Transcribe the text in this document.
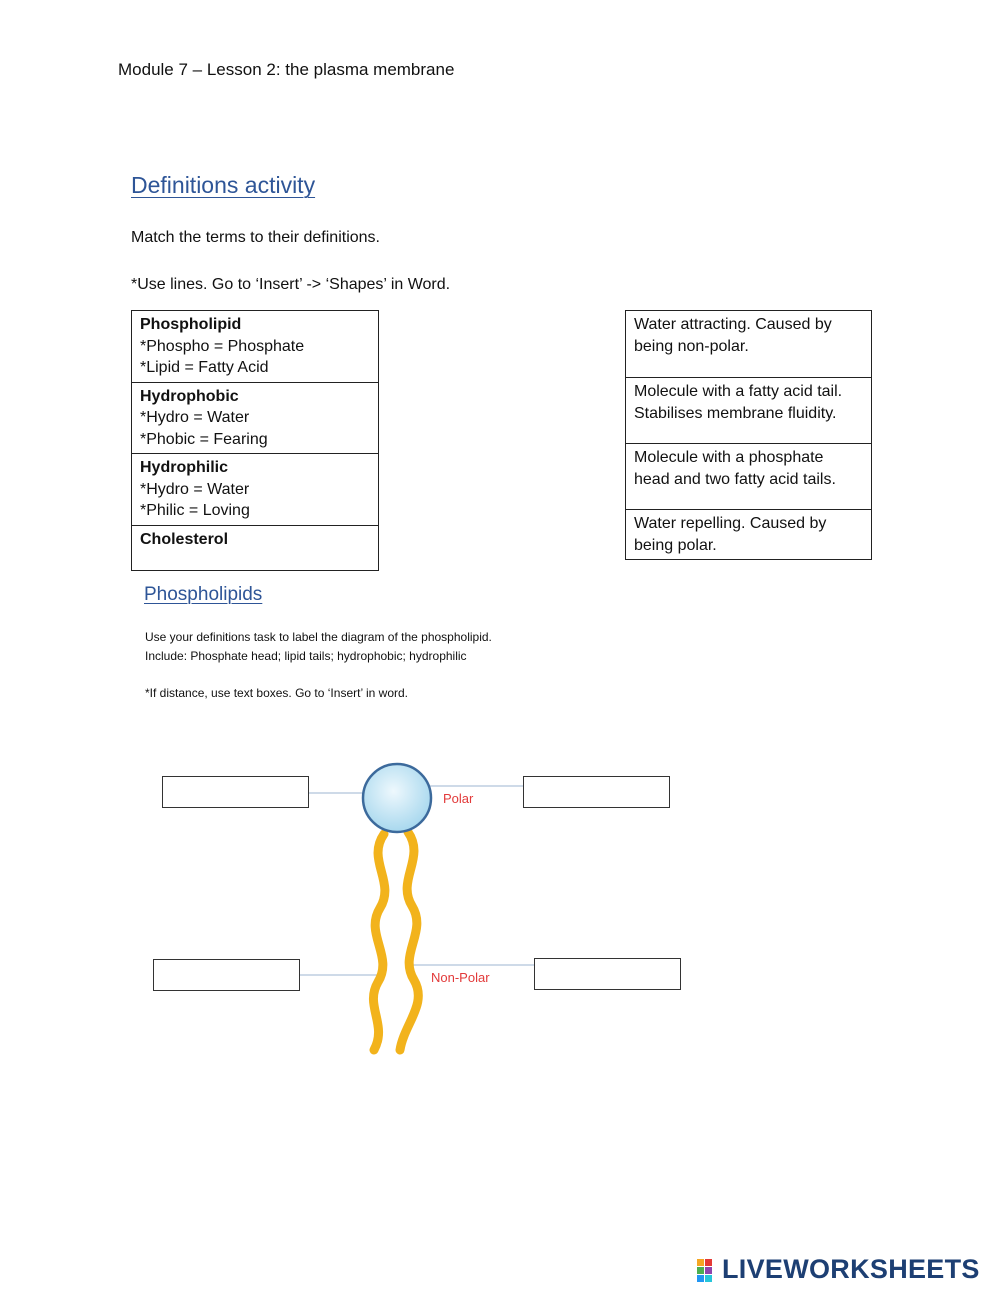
Module 7 – Lesson 2: the plasma membrane
Definitions activity
Match the terms to their definitions.
*Use lines. Go to ‘Insert’ -> ‘Shapes’ in Word.
Phospholipid
*Phospho = Phosphate
*Lipid = Fatty Acid

Hydrophobic
*Hydro = Water
*Phobic = Fearing

Hydrophilic
*Hydro = Water
*Philic = Loving

Cholesterol
Water attracting. Caused by
being non-polar.

Molecule with a fatty acid tail.
Stabilises membrane fluidity.

Molecule with a phosphate
head and two fatty acid tails.

Water repelling. Caused by
being polar.
Phospholipids
Use your definitions task to label the diagram of the phospholipid.
Include: Phosphate head; lipid tails; hydrophobic; hydrophilic
*If distance, use text boxes. Go to ‘Insert’ in word.
Polar
Non-Polar
LIVEWORKSHEETS
